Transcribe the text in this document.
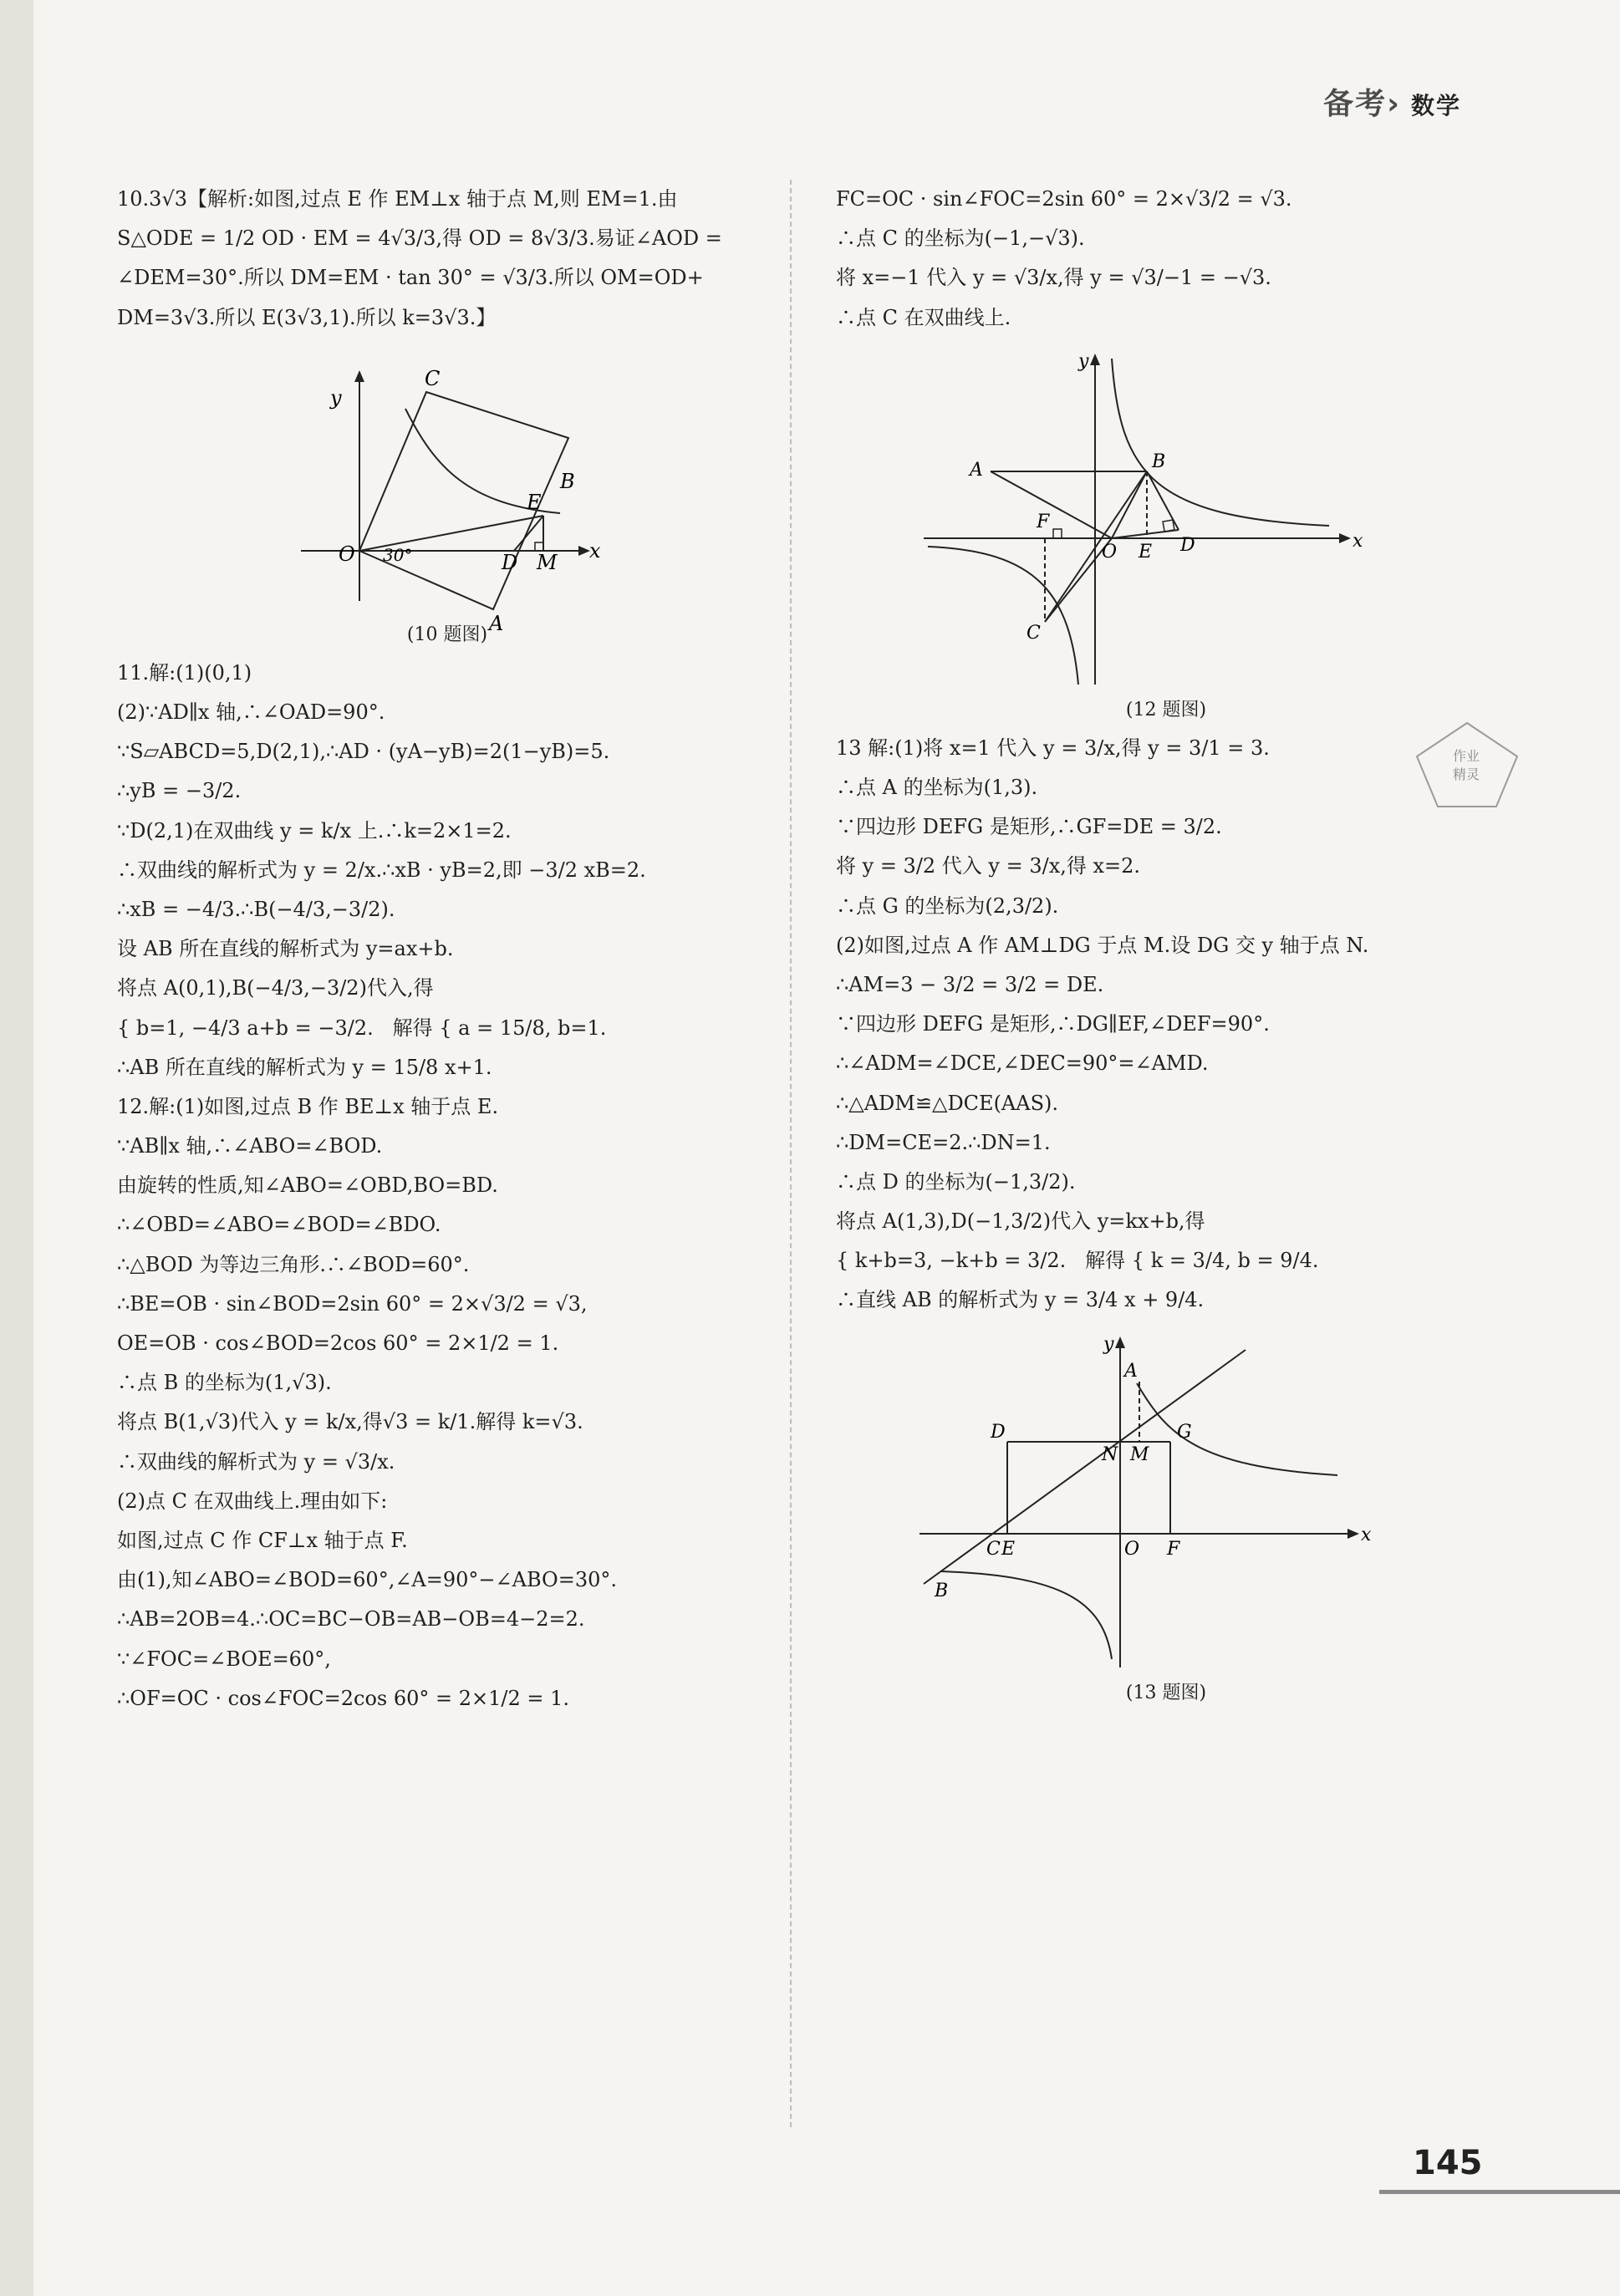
备考› 数学

10.3√3【解析:如图,过点 E 作 EM⊥x 轴于点 M,则 EM=1.由

S△ODE = 1/2 OD · EM = 4√3/3,得 OD = 8√3/3.易证∠AOD =

∠DEM=30°.所以 DM=EM · tan 30° = √3/3.所以 OM=OD+

DM=3√3.所以 E(3√3,1).所以 k=3√3.】

y
x
O
C
E
B
D M
A
30°

(10 题图)

11.解:(1)(0,1)

(2)∵AD∥x 轴,∴∠OAD=90°.

∵S▱ABCD=5,D(2,1),∴AD · (yA−yB)=2(1−yB)=5.

∴yB = −3/2.

∵D(2,1)在双曲线 y = k/x 上.∴k=2×1=2.

∴双曲线的解析式为 y = 2/x.∴xB · yB=2,即 −3/2 xB=2.

∴xB = −4/3.∴B(−4/3,−3/2).

设 AB 所在直线的解析式为 y=ax+b.

将点 A(0,1),B(−4/3,−3/2)代入,得

{ b=1, −4/3 a+b = −3/2.   解得 { a = 15/8, b=1.

∴AB 所在直线的解析式为 y = 15/8 x+1.

12.解:(1)如图,过点 B 作 BE⊥x 轴于点 E.

∵AB∥x 轴,∴∠ABO=∠BOD.

由旋转的性质,知∠ABO=∠OBD,BO=BD.

∴∠OBD=∠ABO=∠BOD=∠BDO.

∴△BOD 为等边三角形.∴∠BOD=60°.

∴BE=OB · sin∠BOD=2sin 60° = 2×√3/2 = √3,

OE=OB · cos∠BOD=2cos 60° = 2×1/2 = 1.

∴点 B 的坐标为(1,√3).

将点 B(1,√3)代入 y = k/x,得√3 = k/1.解得 k=√3.

∴双曲线的解析式为 y = √3/x.

(2)点 C 在双曲线上.理由如下:

如图,过点 C 作 CF⊥x 轴于点 F.

由(1),知∠ABO=∠BOD=60°,∠A=90°−∠ABO=30°.

∴AB=2OB=4.∴OC=BC−OB=AB−OB=4−2=2.

∵∠FOC=∠BOE=60°,

∴OF=OC · cos∠FOC=2cos 60° = 2×1/2 = 1.

FC=OC · sin∠FOC=2sin 60° = 2×√3/2 = √3.

∴点 C 的坐标为(−1,−√3).

将 x=−1 代入 y = √3/x,得 y = √3/−1 = −√3.

∴点 C 在双曲线上.

y
x
A	B
F
O E D
C

(12 题图)

13 解:(1)将 x=1 代入 y = 3/x,得 y = 3/1 = 3.

∴点 A 的坐标为(1,3).

∵四边形 DEFG 是矩形,∴GF=DE = 3/2.

将 y = 3/2 代入 y = 3/x,得 x=2.

∴点 G 的坐标为(2,3/2).

(2)如图,过点 A 作 AM⊥DG 于点 M.设 DG 交 y 轴于点 N.

∴AM=3 − 3/2 = 3/2 = DE.

∵四边形 DEFG 是矩形,∴DG∥EF,∠DEF=90°.

∴∠ADM=∠DCE,∠DEC=90°=∠AMD.

∴△ADM≌△DCE(AAS).

∴DM=CE=2.∴DN=1.

∴点 D 的坐标为(−1,3/2).

将点 A(1,3),D(−1,3/2)代入 y=kx+b,得

{ k+b=3, −k+b = 3/2.   解得 { k = 3/4, b = 9/4.

∴直线 AB 的解析式为 y = 3/4 x + 9/4.

y
x
A
D
N M
G
C E	O F
B

(13 题图)

作业
精灵
145
